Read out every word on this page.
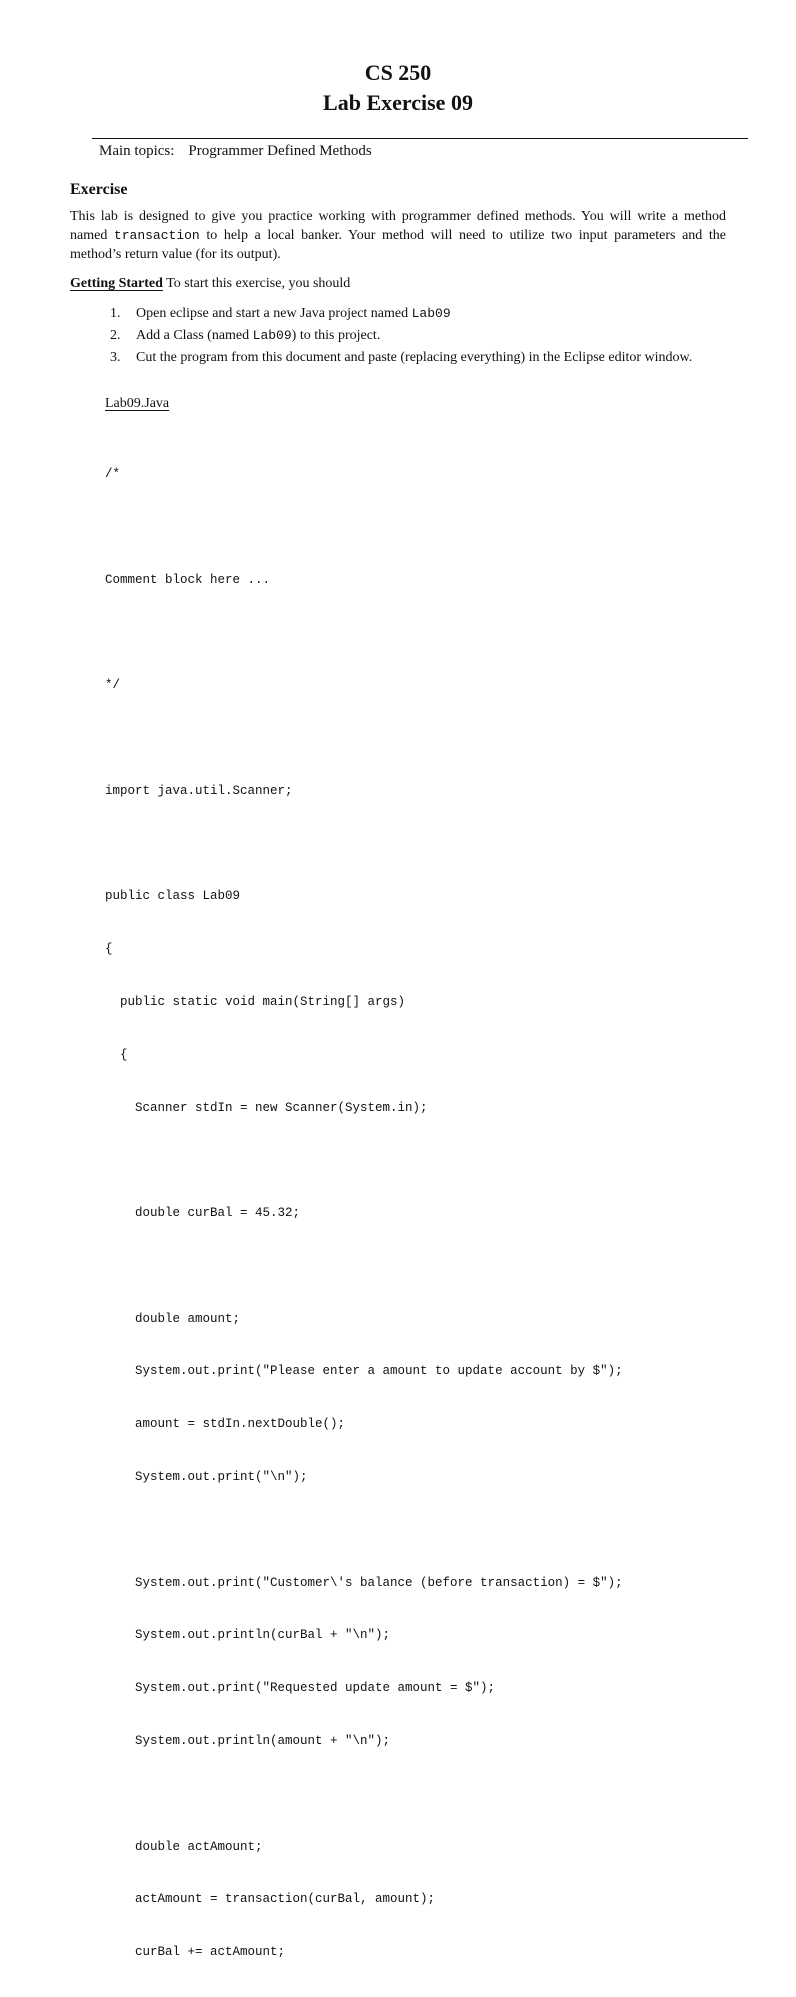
CS 250
Lab Exercise 09
Main topics: Programmer Defined Methods
Exercise
This lab is designed to give you practice working with programmer defined methods. You will write a method named transaction to help a local banker. Your method will need to utilize two input parameters and the method’s return value (for its output).
Getting Started To start this exercise, you should
1.	Open eclipse and start a new Java project named Lab09
2.	Add a Class (named Lab09) to this project.
3.	Cut the program from this document and paste (replacing everything) in the Eclipse editor window.
Lab09.Java

/*

Comment block here ...

*/

import java.util.Scanner;

public class Lab09

{

public static void main(String[] args)

{

Scanner stdIn = new Scanner(System.in);

double curBal = 45.32;

double amount;

System.out.print("Please enter a amount to update account by $");

amount = stdIn.nextDouble();

System.out.print("\n");

System.out.print("Customer\'s balance (before transaction) = $");

System.out.println(curBal + "\n");

System.out.print("Requested update amount = $");

System.out.println(amount + "\n");

double actAmount;

actAmount = transaction(curBal, amount);

curBal += actAmount;
